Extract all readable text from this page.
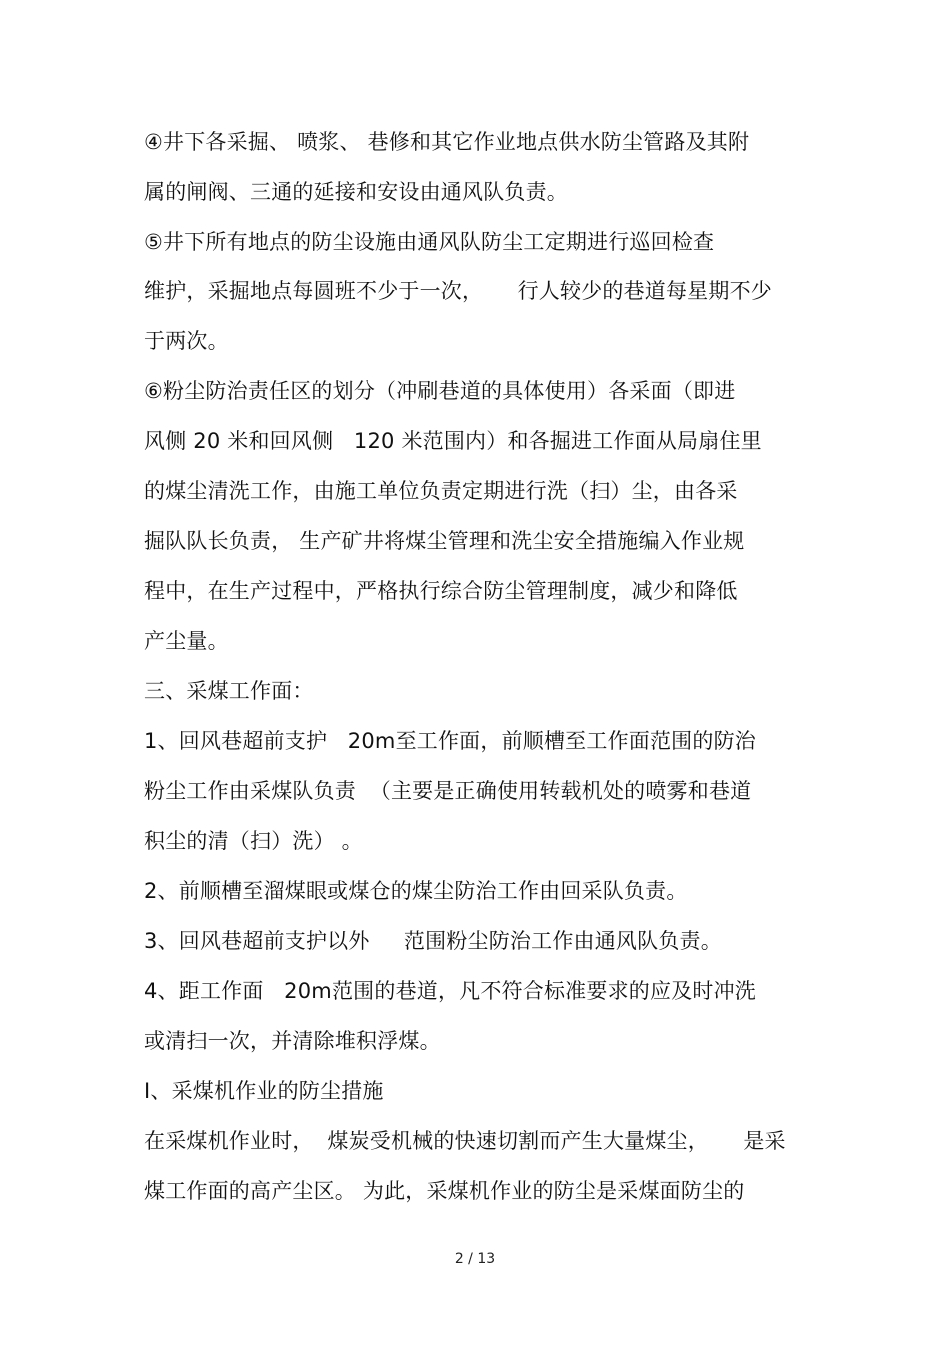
④井下各采掘、 喷浆、 巷修和其它作业地点供水防尘管路及其附
属的闸阀、三通的延接和安设由通风队负责。
⑤井下所有地点的防尘设施由通风队防尘工定期进行巡回检查
维护，采掘地点每圆班不少于一次，     行人较少的巷道每星期不少
于两次。
⑥粉尘防治责任区的划分（冲刷巷道的具体使用）各采面（即进
风侧 20 米和回风侧   120 米范围内）和各掘进工作面从局扇住里
的煤尘清洗工作，由施工单位负责定期进行洗（扫）尘，由各采
掘队队长负责， 生产矿井将煤尘管理和洗尘安全措施编入作业规
程中，在生产过程中，严格执行综合防尘管理制度，减少和降低
产尘量。
三、采煤工作面：
1、回风巷超前支护   20m至工作面，前顺槽至工作面范围的防治
粉尘工作由采煤队负责  （主要是正确使用转载机处的喷雾和巷道
积尘的清（扫）洗） 。
2、前顺槽至溜煤眼或煤仓的煤尘防治工作由回采队负责。
3、回风巷超前支护以外     范围粉尘防治工作由通风队负责。
4、距工作面   20m范围的巷道，凡不符合标准要求的应及时冲洗
或清扫一次，并清除堆积浮煤。
Ⅰ、采煤机作业的防尘措施
在采煤机作业时，  煤炭受机械的快速切割而产生大量煤尘，     是采
煤工作面的高产尘区。 为此，采煤机作业的防尘是采煤面防尘的
2 / 13
